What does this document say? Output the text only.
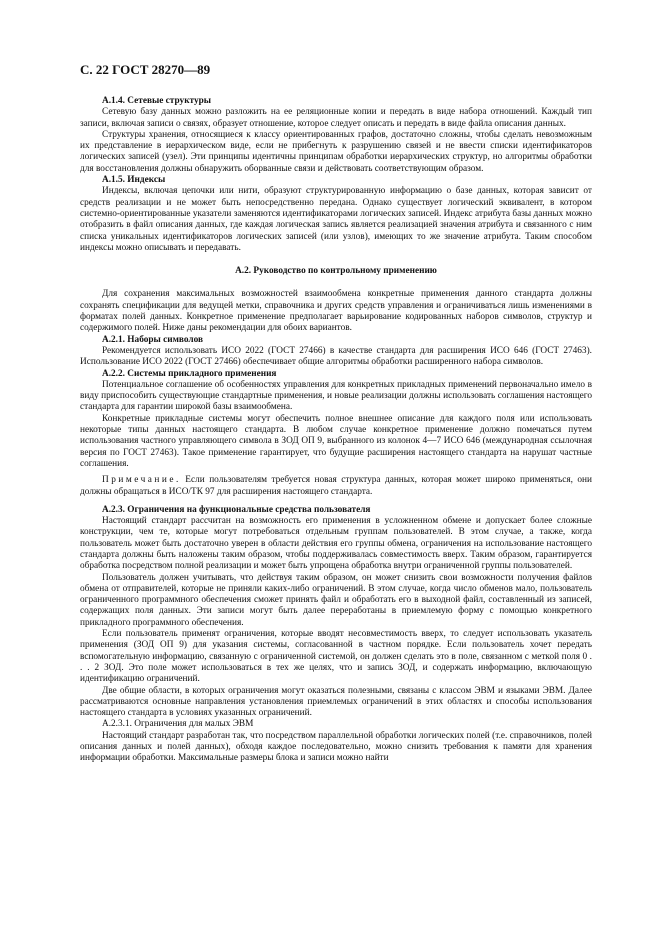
С. 22 ГОСТ 28270—89

А.1.4. Сетевые структуры

Сетевую базу данных можно разложить на ее реляционные копии и передать в виде набора отношений. Каждый тип записи, включая записи о связях, образует отношение, которое следует описать и передать в виде файла описания данных.

Структуры хранения, относящиеся к классу ориентированных графов, достаточно сложны, чтобы сделать невозможным их представление в иерархическом виде, если не прибегнуть к разрушению связей и не ввести списки идентификаторов логических записей (узел). Эти принципы идентичны принципам обработки иерархических структур, но алгоритмы обработки для восстановления должны обнаружить оборванные связи и действовать соответствующим образом.

А.1.5. Индексы

Индексы, включая цепочки или нити, образуют структурированную информацию о базе данных, которая зависит от средств реализации и не может быть непосредственно передана. Однако существует логический эквивалент, в котором системно-ориентированные указатели заменяются идентификаторами логических записей. Индекс атрибута базы данных можно отобразить в файл описания данных, где каждая логическая запись является реализацией значения атрибута и связанного с ним списка уникальных идентификаторов логических записей (или узлов), имеющих то же значение атрибута. Таким способом индексы можно описывать и передавать.

А.2. Руководство по контрольному применению

Для сохранения максимальных возможностей взаимообмена конкретные применения данного стандарта должны сохранять спецификации для ведущей метки, справочника и других средств управления и ограничиваться лишь изменениями в форматах полей данных. Конкретное применение предполагает варьирование кодированных наборов символов, структур и содержимого полей. Ниже даны рекомендации для обоих вариантов.

А.2.1. Наборы символов

Рекомендуется использовать ИСО 2022 (ГОСТ 27466) в качестве стандарта для расширения ИСО 646 (ГОСТ 27463). Использование ИСО 2022 (ГОСТ 27466) обеспечивает общие алгоритмы обработки расширенного набора символов.

А.2.2. Системы прикладного применения

Потенциальное соглашение об особенностях управления для конкретных прикладных применений первоначально имело в виду приспособить существующие стандартные применения, и новые реализации должны использовать соглашения настоящего стандарта для гарантии широкой базы взаимообмена.

Конкретные прикладные системы могут обеспечить полное внешнее описание для каждого поля или использовать некоторые типы данных настоящего стандарта. В любом случае конкретное применение должно помечаться путем использования частного управляющего символа в ЗОД ОП 9, выбранного из колонок 4—7 ИСО 646 (международная ссылочная версия по ГОСТ 27463). Такое применение гарантирует, что будущие расширения настоящего стандарта на нарушат частные соглашения.

Примечание. Если пользователям требуется новая структура данных, которая может широко применяться, они должны обращаться в ИСО/ТК 97 для расширения настоящего стандарта.

А.2.3. Ограничения на функциональные средства пользователя

Настоящий стандарт рассчитан на возможность его применения в усложненном обмене и допускает более сложные конструкции, чем те, которые могут потребоваться отдельным группам пользователей. В этом случае, а также, когда пользователь может быть достаточно уверен в области действия его группы обмена, ограничения на использование настоящего стандарта должны быть наложены таким образом, чтобы поддерживалась совместимость вверх. Таким образом, гарантируется обработка посредством полной реализации и может быть упрощена обработка внутри ограниченной группы пользователей.

Пользователь должен учитывать, что действуя таким образом, он может снизить свои возможности получения файлов обмена от отправителей, которые не приняли каких-либо ограничений. В этом случае, когда число обменов мало, пользователь ограниченного программного обеспечения сможет принять файл и обработать его в выходной файл, составленный из записей, содержащих поля данных. Эти записи могут быть далее переработаны в приемлемую форму с помощью конкретного прикладного программного обеспечения.

Если пользователь применят ограничения, которые вводят несовместимость вверх, то следует использовать указатель применения (ЗОД ОП 9) для указания системы, согласованной в частном порядке. Если пользователь хочет передать вспомогательную информацию, связанную с ограниченной системой, он должен сделать это в поле, связанном с меткой поля 0 . . . 2 ЗОД. Это поле может использоваться в тех же целях, что и запись ЗОД, и содержать информацию, включающую идентификацию ограничений.

Две общие области, в которых ограничения могут оказаться полезными, связаны с классом ЭВМ и языками ЭВМ. Далее рассматриваются основные направления установления приемлемых ограничений в этих областях и способы использования настоящего стандарта в условиях указанных ограничений.

А.2.3.1. Ограничения для малых ЭВМ

Настоящий стандарт разработан так, что посредством параллельной обработки логических полей (т.е. справочников, полей описания данных и полей данных), обходя каждое последовательно, можно снизить требования к памяти для хранения информации обработки. Максимальные размеры блока и записи можно найти
